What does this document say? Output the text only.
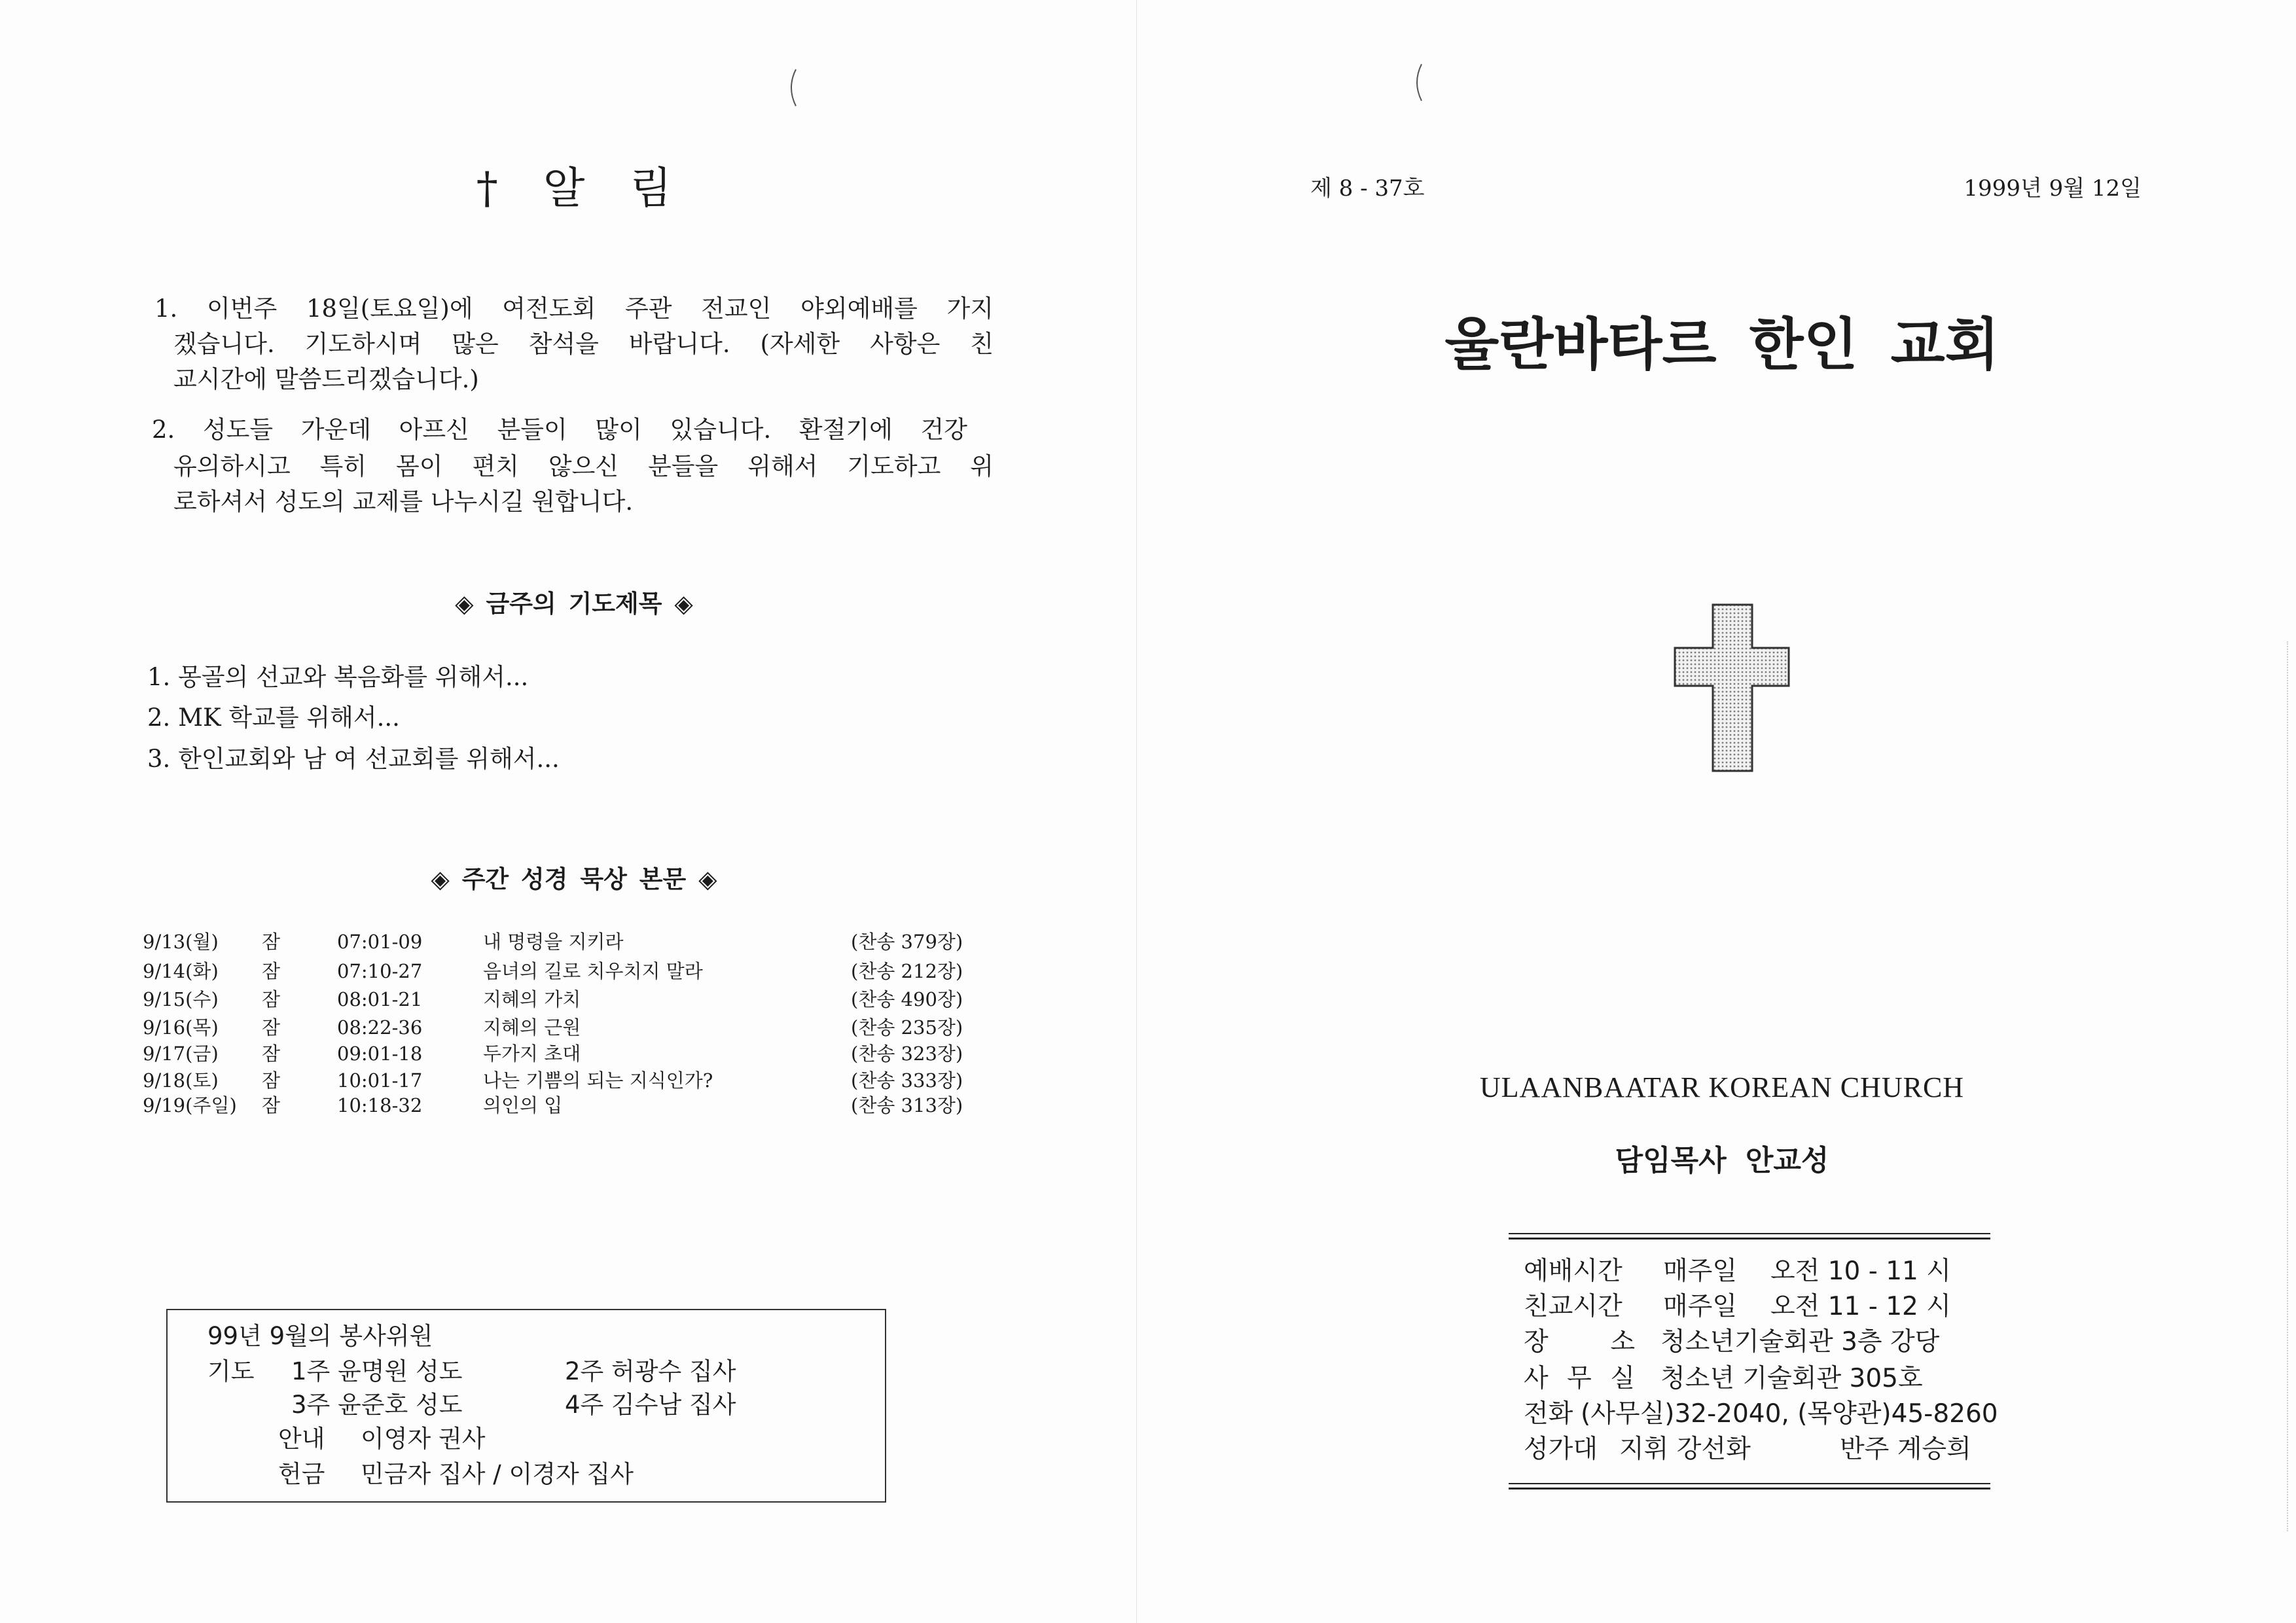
† 알 림
1. 이번주 18일(토요일)에 여전도회 주관 전교인 야외예배를 가지
겠습니다. 기도하시며 많은 참석을 바랍니다. (자세한 사항은 친
교시간에 말씀드리겠습니다.)
2. 성도들 가운데 아프신 분들이 많이 있습니다. 환절기에 건강
유의하시고 특히 몸이 편치 않으신 분들을 위해서 기도하고 위
로하셔서 성도의 교제를 나누시길 원합니다.
◈ 금주의 기도제목 ◈
1. 몽골의 선교와 복음화를 위해서...
2. MK 학교를 위해서...
3. 한인교회와 남 여 선교회를 위해서...
◈ 주간 성경 묵상 본문 ◈
9/13(월) 잠	07:01-09	내 명령을 지키라	(찬송 379장)
9/14(화) 잠	07:10-27	음녀의 길로 치우치지 말라	(찬송 212장)
9/15(수) 잠	08:01-21	지혜의 가치	(찬송 490장)
9/16(목) 잠	08:22-36	지혜의 근원	(찬송 235장)
9/17(금) 잠	09:01-18	두가지 초대	(찬송 323장)
9/18(토) 잠	10:01-17	나는 기쁨의 되는 지식인가?	(찬송 333장)
9/19(주일) 잠	10:18-32	의인의 입	(찬송 313장)
99년 9월의 봉사위원
기도 1주 윤명원 성도	2주 허광수 집사
3주 윤준호 성도	4주 김수남 집사
안내 이영자 권사
헌금 민금자 집사 / 이경자 집사
제 8 - 37호	1999년 9월 12일
울란바타르 한인 교회
ULAANBAATAR KOREAN CHURCH
담임목사 안교성
예배시간	매주일 오전 10 - 11 시
친교시간	매주일 오전 11 - 12 시
장 소 청소년기술회관 3층 강당
사 무 실 청소년 기술회관 305호
전화 (사무실)32-2040, (목양관)45-8260
성가대 지휘 강선화	반주 계승희
